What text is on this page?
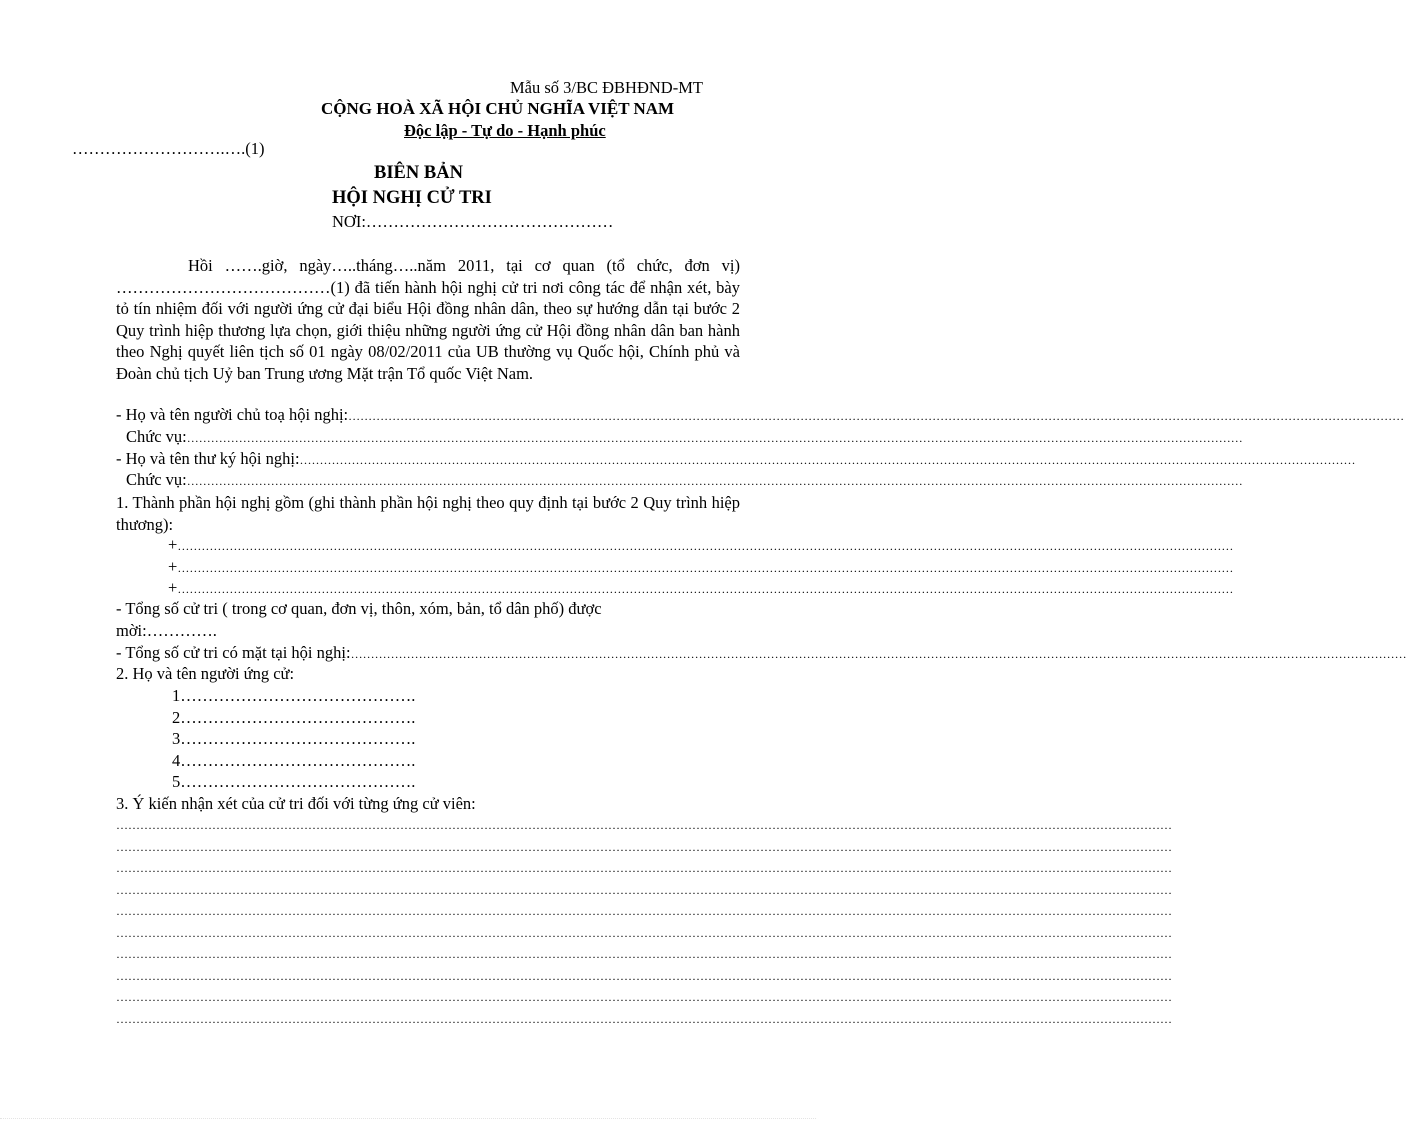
Mẫu số 3/BC ĐBHĐND-MT
CỘNG HOÀ XÃ HỘI CHỦ NGHĨA VIỆT NAM
Độc lập - Tự do - Hạnh phúc
……………………….….(1)
BIÊN BẢN
HỘI NGHỊ CỬ TRI
NƠI:………………………………………
Hồi …….giờ, ngày…..tháng…..năm 2011, tại cơ quan (tổ chức, đơn vị) …………………………………(1) đã tiến hành hội nghị cử tri nơi công tác để nhận xét, bày tỏ tín nhiệm đối với người ứng cử đại biểu Hội đồng nhân dân, theo sự hướng dẫn tại bước 2 Quy trình hiệp thương lựa chọn, giới thiệu những người ứng cử Hội đồng nhân dân ban hành theo Nghị quyết liên tịch số 01 ngày 08/02/2011 của UB thường vụ Quốc hội, Chính phủ và Đoàn chủ tịch Uỷ ban Trung ương Mặt trận Tổ quốc Việt Nam.
- Họ và tên người chủ toạ hội nghị: …………………………………………………………………………………………………………………………………………………………………………………………………………………………………………
Chức vụ: …………………………………………………………………………………………………………………………………………………………………………………………………………………………………………
- Họ và tên thư ký hội nghị: …………………………………………………………………………………………………………………………………………………………………………………………………………………………………………
Chức vụ: …………………………………………………………………………………………………………………………………………………………………………………………………………………………………………
1. Thành phần hội nghị gồm (ghi thành phần hội nghị theo quy định tại bước 2 Quy trình hiệp thương):
+ …………………………………………………………………………………………………………………………………………………………………………………………………………………………………………
+ …………………………………………………………………………………………………………………………………………………………………………………………………………………………………………
+ …………………………………………………………………………………………………………………………………………………………………………………………………………………………………………
- Tổng số cử tri ( trong cơ quan, đơn vị, thôn, xóm, bản, tổ dân phố) được
mời:………….
- Tổng số cử tri có mặt tại hội nghị: …………………………………………………………………………………………………………………………………………………………………………………………………………………………………………
2. Họ và tên người ứng cử:
1…………………………………….
2…………………………………….
3…………………………………….
4…………………………………….
5…………………………………….
3. Ý kiến nhận xét của cử tri đối với từng ứng cử viên:
…………………………………………………………………………………………………………………………………………………………………………………………………………………………………………
…………………………………………………………………………………………………………………………………………………………………………………………………………………………………………
…………………………………………………………………………………………………………………………………………………………………………………………………………………………………………
…………………………………………………………………………………………………………………………………………………………………………………………………………………………………………
…………………………………………………………………………………………………………………………………………………………………………………………………………………………………………
…………………………………………………………………………………………………………………………………………………………………………………………………………………………………………
…………………………………………………………………………………………………………………………………………………………………………………………………………………………………………
…………………………………………………………………………………………………………………………………………………………………………………………………………………………………………
…………………………………………………………………………………………………………………………………………………………………………………………………………………………………………
…………………………………………………………………………………………………………………………………………………………………………………………………………………………………………
